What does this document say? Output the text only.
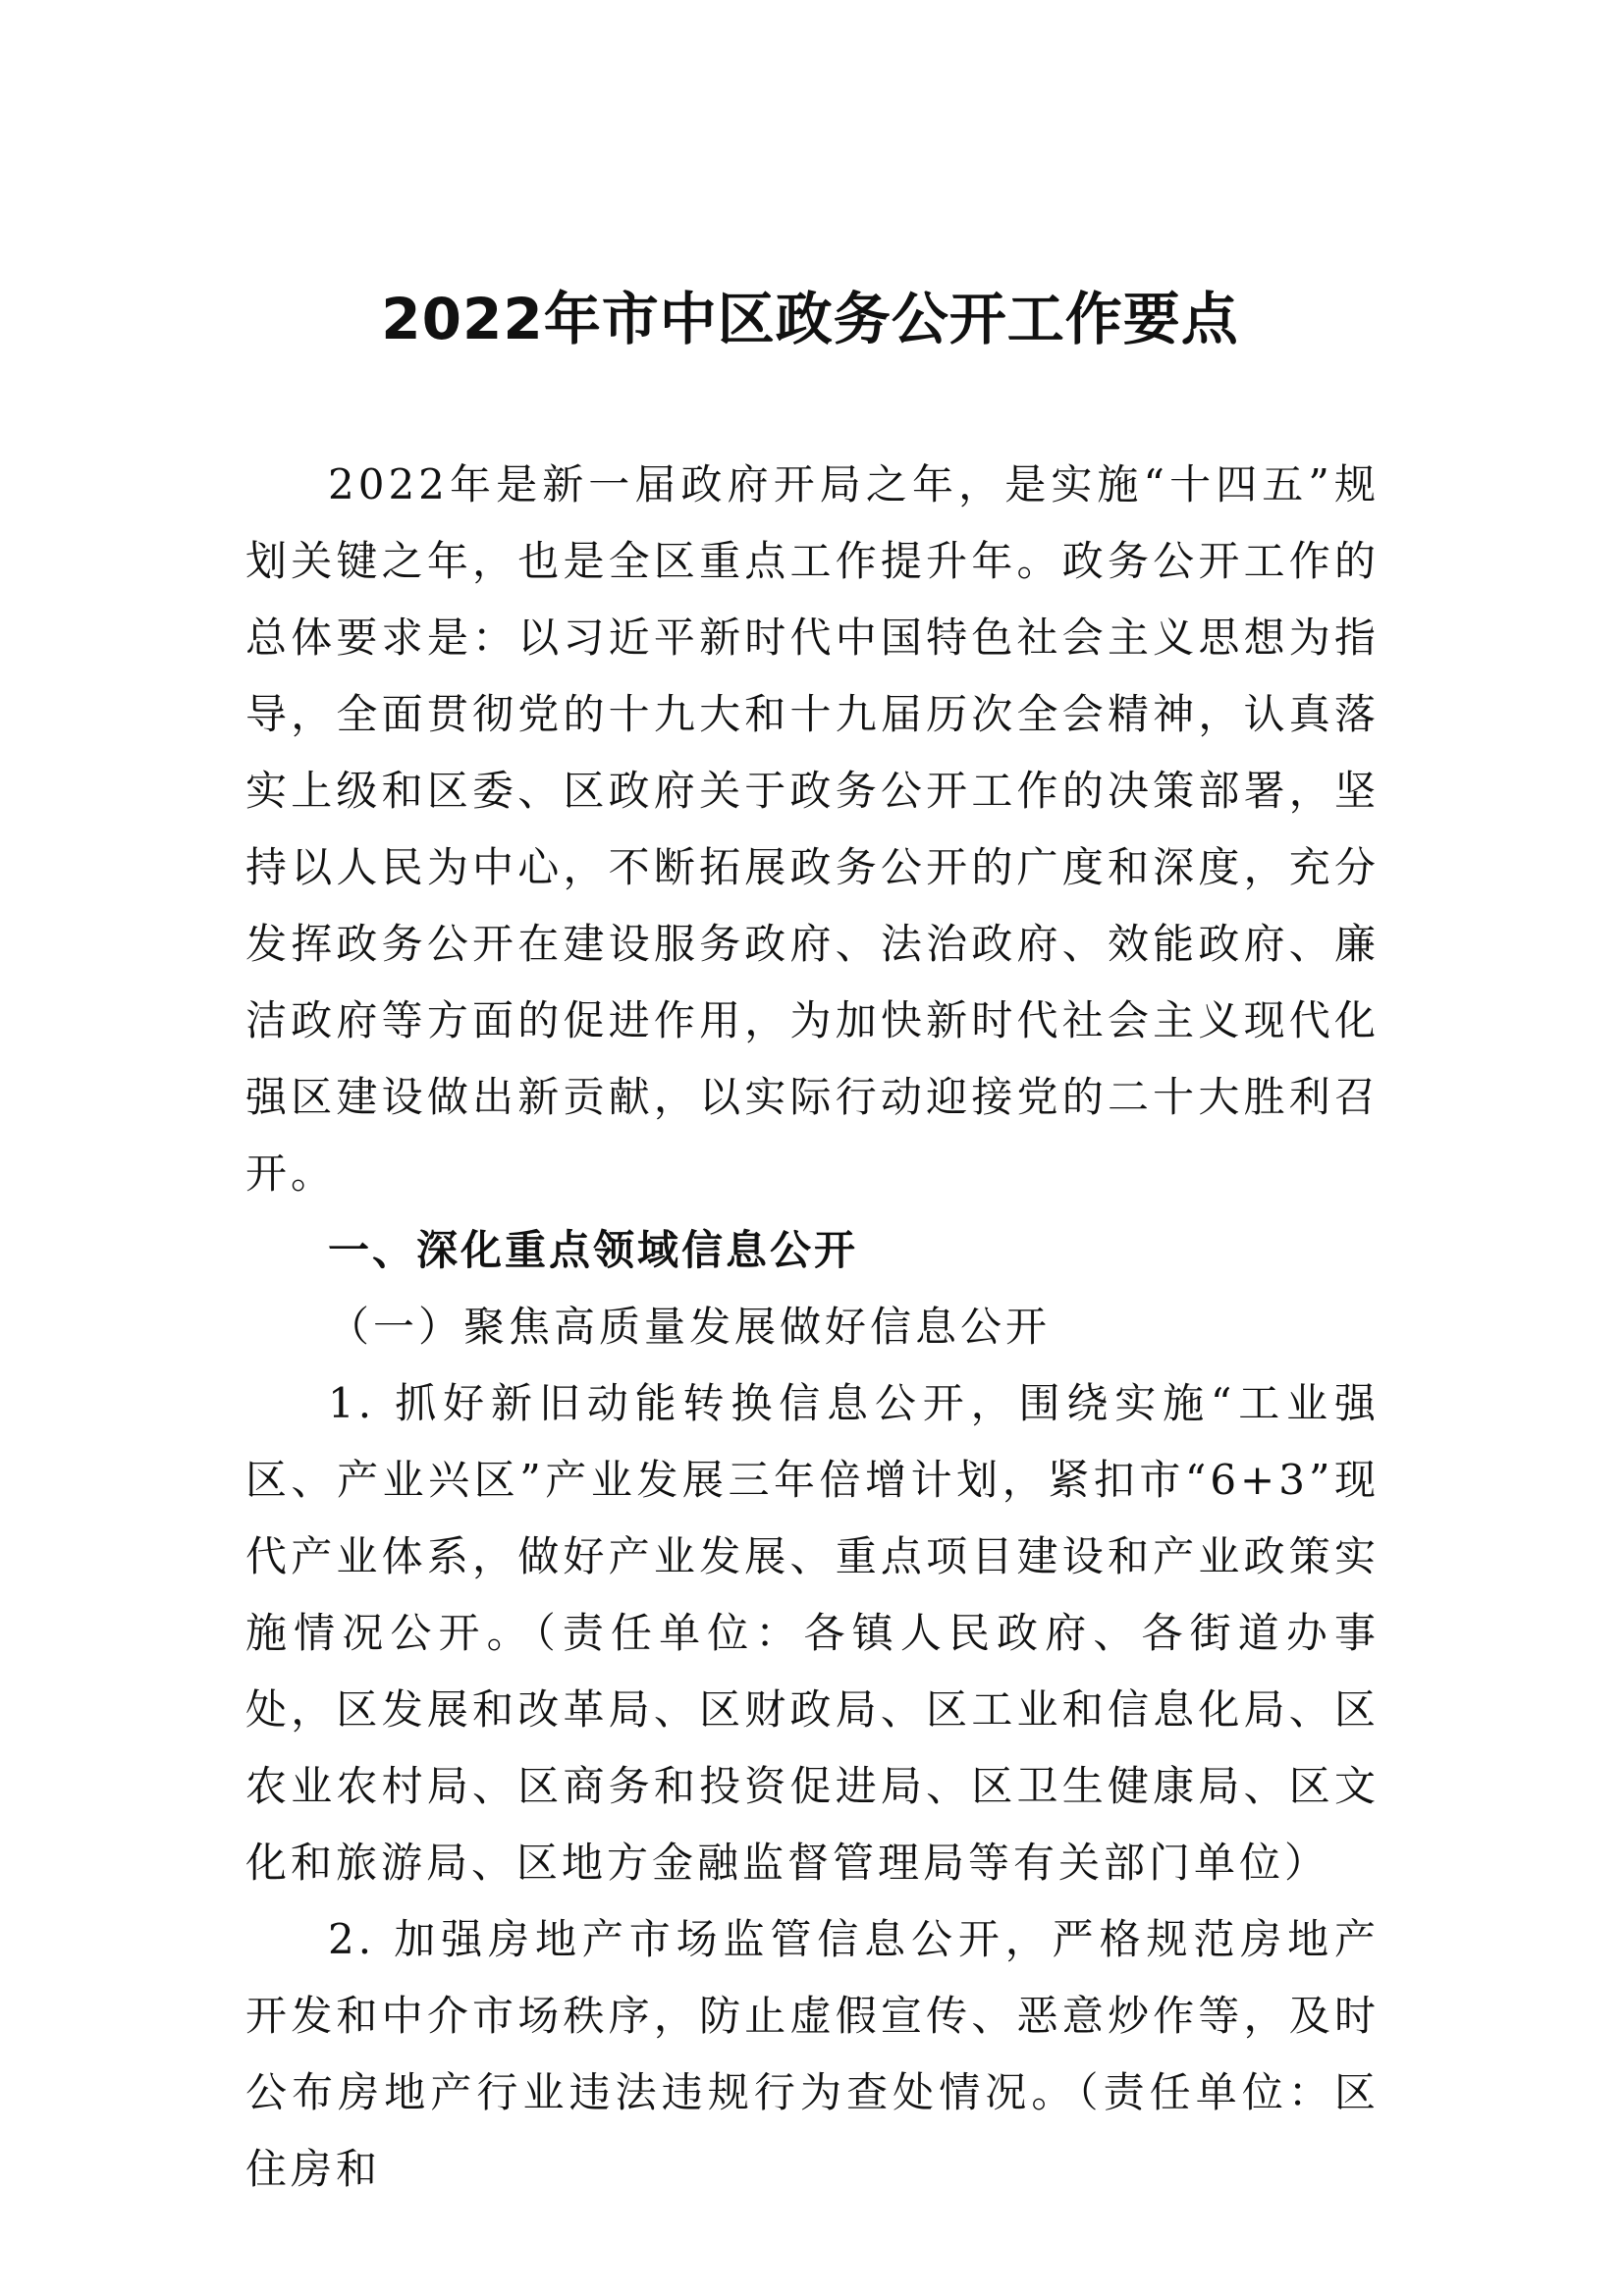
2022年市中区政务公开工作要点

2022年是新一届政府开局之年，是实施“十四五”规划关键之年，也是全区重点工作提升年。政务公开工作的总体要求是：以习近平新时代中国特色社会主义思想为指导，全面贯彻党的十九大和十九届历次全会精神，认真落实上级和区委、区政府关于政务公开工作的决策部署，坚持以人民为中心，不断拓展政务公开的广度和深度，充分发挥政务公开在建设服务政府、法治政府、效能政府、廉洁政府等方面的促进作用，为加快新时代社会主义现代化强区建设做出新贡献，以实际行动迎接党的二十大胜利召开。

一、深化重点领域信息公开

（一）聚焦高质量发展做好信息公开

1. 抓好新旧动能转换信息公开，围绕实施“工业强区、产业兴区”产业发展三年倍增计划，紧扣市“6+3”现代产业体系，做好产业发展、重点项目建设和产业政策实施情况公开。（责任单位：各镇人民政府、各街道办事处，区发展和改革局、区财政局、区工业和信息化局、区农业农村局、区商务和投资促进局、区卫生健康局、区文化和旅游局、区地方金融监督管理局等有关部门单位）

2. 加强房地产市场监管信息公开，严格规范房地产开发和中介市场秩序，防止虚假宣传、恶意炒作等，及时公布房地产行业违法违规行为查处情况。（责任单位：区住房和
